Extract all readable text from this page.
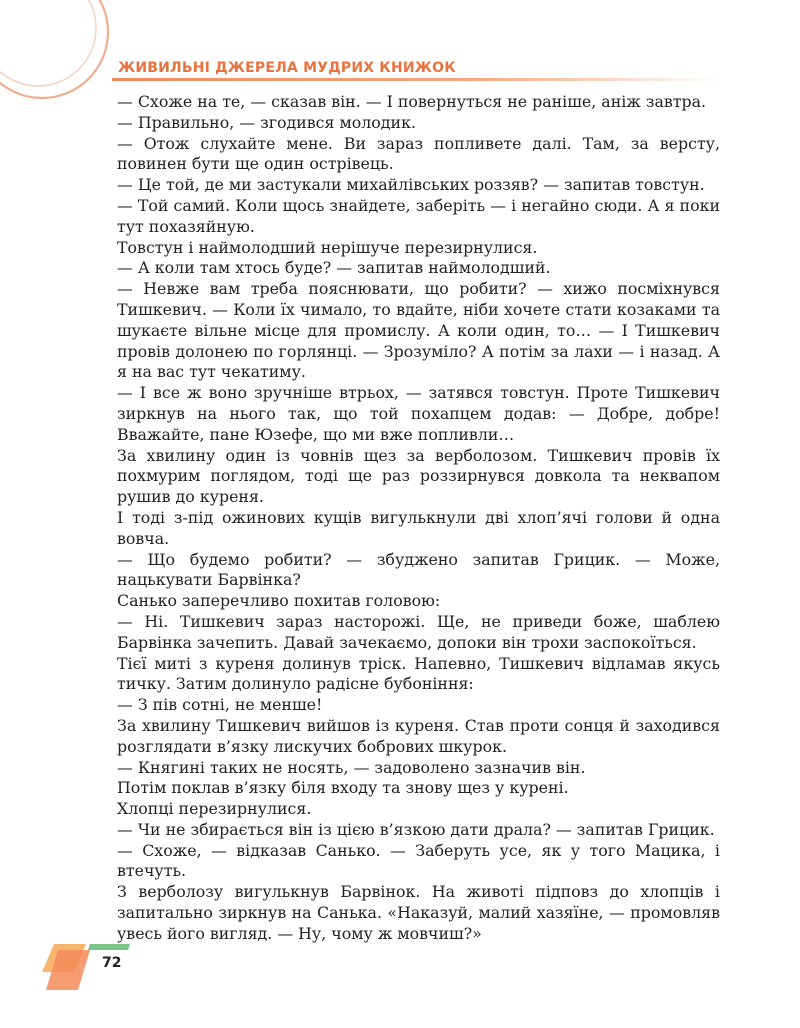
ЖИВИЛЬНІ ДЖЕРЕЛА МУДРИХ КНИЖОК

— Схоже на те, — сказав він. — І повернуться не раніше, аніж завтра.

— Правильно, — згодився молодик.

— Отож слухайте мене. Ви зараз попливете далі. Там, за версту, повинен бути ще один острівець.

— Це той, де ми застукали михайлівських роззяв? — запитав товстун.

— Той самий. Коли щось знайдете, заберіть — і негайно сюди. А я поки тут похазяйную.

Товстун і наймолодший нерішуче перезирнулися.

— А коли там хтось буде? — запитав наймолодший.

— Невже вам треба пояснювати, що робити? — хижо посміхнувся Тишкевич. — Коли їх чимало, то вдайте, ніби хочете стати козаками та шукаєте вільне місце для промислу. А коли один, то… — І Тишкевич провів долонею по горлянці. — Зрозуміло? А потім за лахи — і назад. А я на вас тут чекатиму.

— І все ж воно зручніше втрьох, — затявся товстун. Проте Тишкевич зиркнув на нього так, що той похапцем додав: — Добре, добре! Вважайте, пане Юзефе, що ми вже попливли…

За хвилину один із човнів щез за верболозом. Тишкевич провів їх похмурим поглядом, тоді ще раз роззирнувся довкола та неквапом рушив до куреня.

І тоді з-під ожинових кущів вигулькнули дві хлоп’ячі голови й одна вовча.

— Що будемо робити? — збуджено запитав Грицик. — Може, нацькувати Барвінка?

Санько заперечливо похитав головою:

— Ні. Тишкевич зараз насторожі. Ще, не приведи боже, шаблею Барвінка зачепить. Давай зачекаємо, допоки він трохи заспокоїться.

Тієї миті з куреня долинув тріск. Напевно, Тишкевич відламав якусь тичку. Затим долинуло радісне бубоніння:

— З пів сотні, не менше!

За хвилину Тишкевич вийшов із куреня. Став проти сонця й заходився розглядати в’язку лискучих бобрових шкурок.

— Княгині таких не носять, — задоволено зазначив він.

Потім поклав в’язку біля входу та знову щез у курені.

Хлопці перезирнулися.

— Чи не збирається він із цією в’язкою дати драла? — запитав Грицик.

— Схоже, — відказав Санько. — Заберуть усе, як у того Мацика, і втечуть.

З верболозу вигулькнув Барвінок. На животі підповз до хлопців і запитально зиркнув на Санька. «Наказуй, малий хазяїне, — промовляв увесь його вигляд. — Ну, чому ж мовчиш?»

72
